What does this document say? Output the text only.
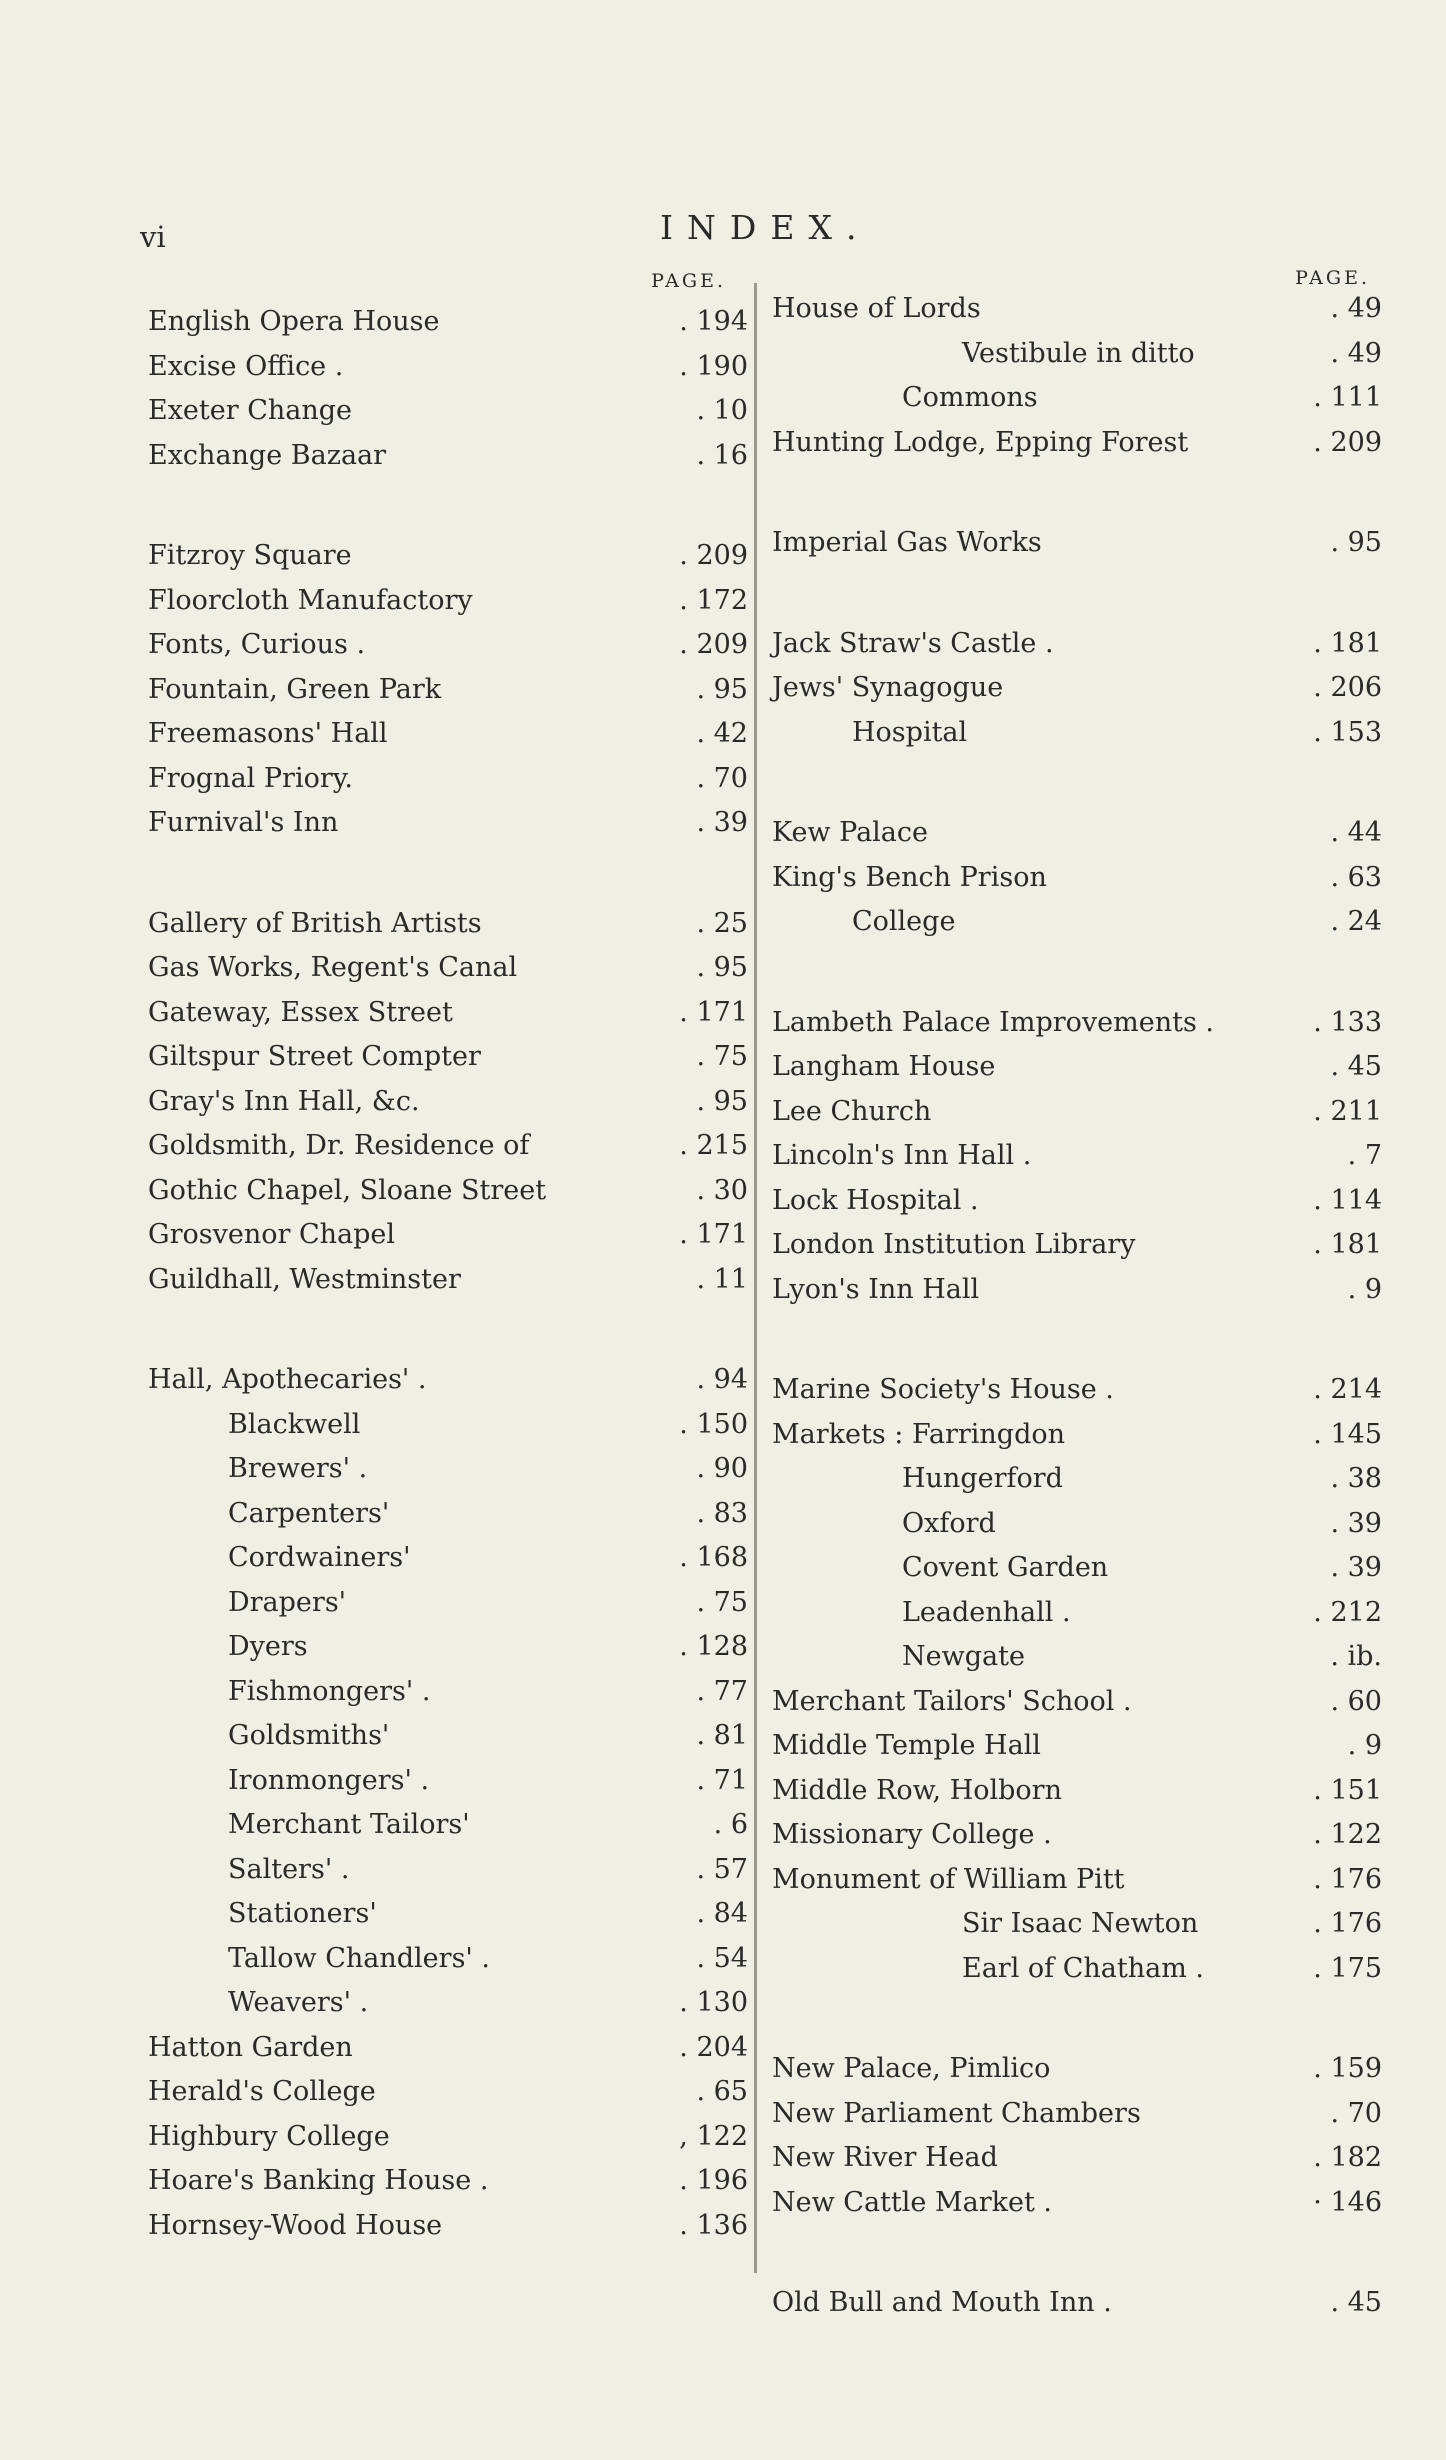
vi	INDEX.
PAGE.
English Opera House	. 194
Excise Office .	. 190
Exeter Change	. 10
Exchange Bazaar	. 16
Fitzroy Square	. 209
Floorcloth Manufactory	. 172
Fonts, Curious .	. 209
Fountain, Green Park	. 95
Freemasons' Hall	. 42
Frognal Priory.	. 70
Furnival's Inn	. 39
Gallery of British Artists	. 25
Gas Works, Regent's Canal	. 95
Gateway, Essex Street	. 171
Giltspur Street Compter	. 75
Gray's Inn Hall, &c.	. 95
Goldsmith, Dr. Residence of	. 215
Gothic Chapel, Sloane Street	. 30
Grosvenor Chapel	. 171
Guildhall, Westminster	. 11
Hall, Apothecaries' .	. 94
Blackwell	. 150
Brewers' .	. 90
Carpenters'	. 83
Cordwainers'	. 168
Drapers'	. 75
Dyers	. 128
Fishmongers' .	. 77
Goldsmiths'	. 81
Ironmongers' .	. 71
Merchant Tailors'	. 6
Salters' .	. 57
Stationers'	. 84
Tallow Chandlers' .	. 54
Weavers' .	. 130
Hatton Garden	. 204
Herald's College	. 65
Highbury College	, 122
Hoare's Banking House .	. 196
Hornsey-Wood House	. 136
PAGE.
House of Lords	. 49
Vestibule in ditto	. 49
Commons	. 111
Hunting Lodge, Epping Forest	. 209
Imperial Gas Works	. 95
Jack Straw's Castle .	. 181
Jews' Synagogue	. 206
Hospital	. 153
Kew Palace	. 44
King's Bench Prison	. 63
College	. 24
Lambeth Palace Improvements .	. 133
Langham House	. 45
Lee Church	. 211
Lincoln's Inn Hall .	. 7
Lock Hospital .	. 114
London Institution Library	. 181
Lyon's Inn Hall	. 9
Marine Society's House .	. 214
Markets : Farringdon	. 145
Hungerford	. 38
Oxford	. 39
Covent Garden	. 39
Leadenhall .	. 212
Newgate	. ib.
Merchant Tailors' School .	. 60
Middle Temple Hall	. 9
Middle Row, Holborn	. 151
Missionary College .	. 122
Monument of William Pitt	. 176
Sir Isaac Newton	. 176
Earl of Chatham .	. 175
New Palace, Pimlico	. 159
New Parliament Chambers	. 70
New River Head	. 182
New Cattle Market .	· 146
Old Bull and Mouth Inn .	. 45
